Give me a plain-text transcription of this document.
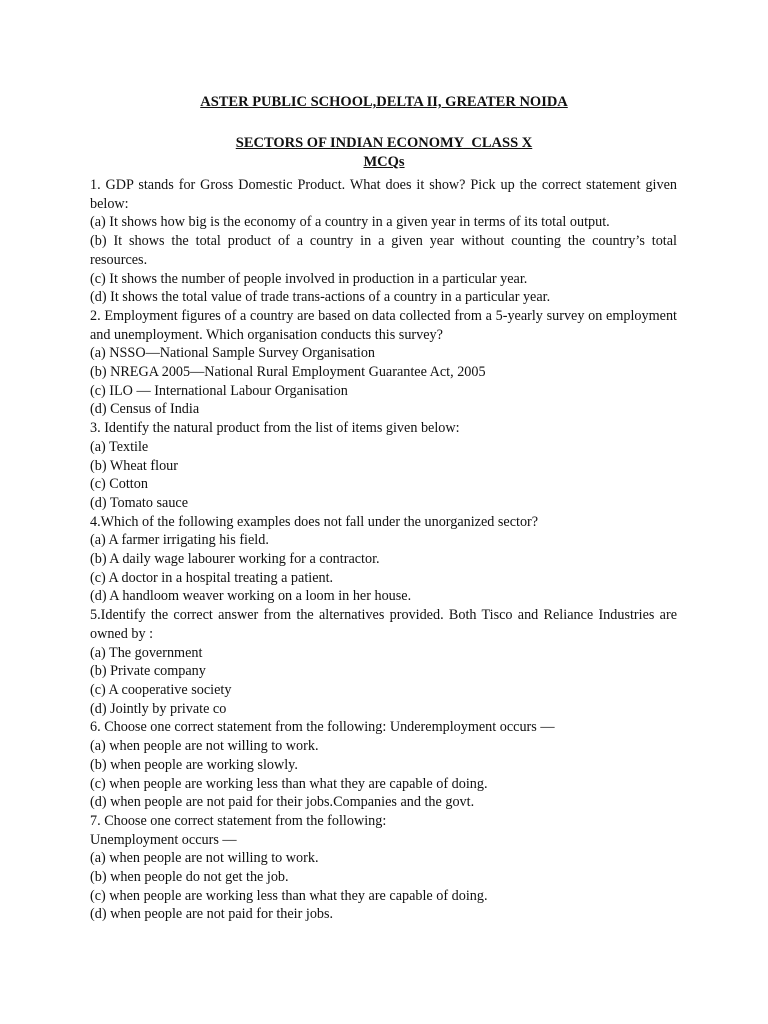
ASTER PUBLIC SCHOOL,DELTA II, GREATER NOIDA

SECTORS OF INDIAN ECONOMY_CLASS X

MCQs

1. GDP stands for Gross Domestic Product. What does it show? Pick up the correct statement given below:
(a) It shows how big is the economy of a country in a given year in terms of its total output.
(b) It shows the total product of a country in a given year without counting the country’s total resources.
(c) It shows the number of people involved in production in a particular year.
(d) It shows the total value of trade trans-actions of a country in a particular year.
2. Employment figures of a country are based on data collected from a 5-yearly survey on employment and unemployment. Which organisation conducts this survey?
(a) NSSO—National Sample Survey Organisation
(b) NREGA 2005—National Rural Employment Guarantee Act, 2005
(c) ILO — International Labour Organisation
(d) Census of India
3. Identify the natural product from the list of items given below:
(a) Textile
(b) Wheat flour
(c) Cotton
(d) Tomato sauce
4.Which of the following examples does not fall under the unorganized sector?
(a) A farmer irrigating his field.
(b) A daily wage labourer working for a contractor.
(c) A doctor in a hospital treating a patient.
(d) A handloom weaver working on a loom in her house.
5.Identify the correct answer from the alternatives provided. Both Tisco and Reliance Industries are owned by :
(a) The government
(b) Private company
(c) A cooperative society
(d) Jointly by private co
6. Choose one correct statement from the following: Underemployment occurs —
(a) when people are not willing to work.
(b) when people are working slowly.
(c) when people are working less than what they are capable of doing.
(d) when people are not paid for their jobs.Companies and the govt.
7. Choose one correct statement from the following:
Unemployment occurs —
(a) when people are not willing to work.
(b) when people do not get the job.
(c) when people are working less than what they are capable of doing.
(d) when people are not paid for their jobs.
